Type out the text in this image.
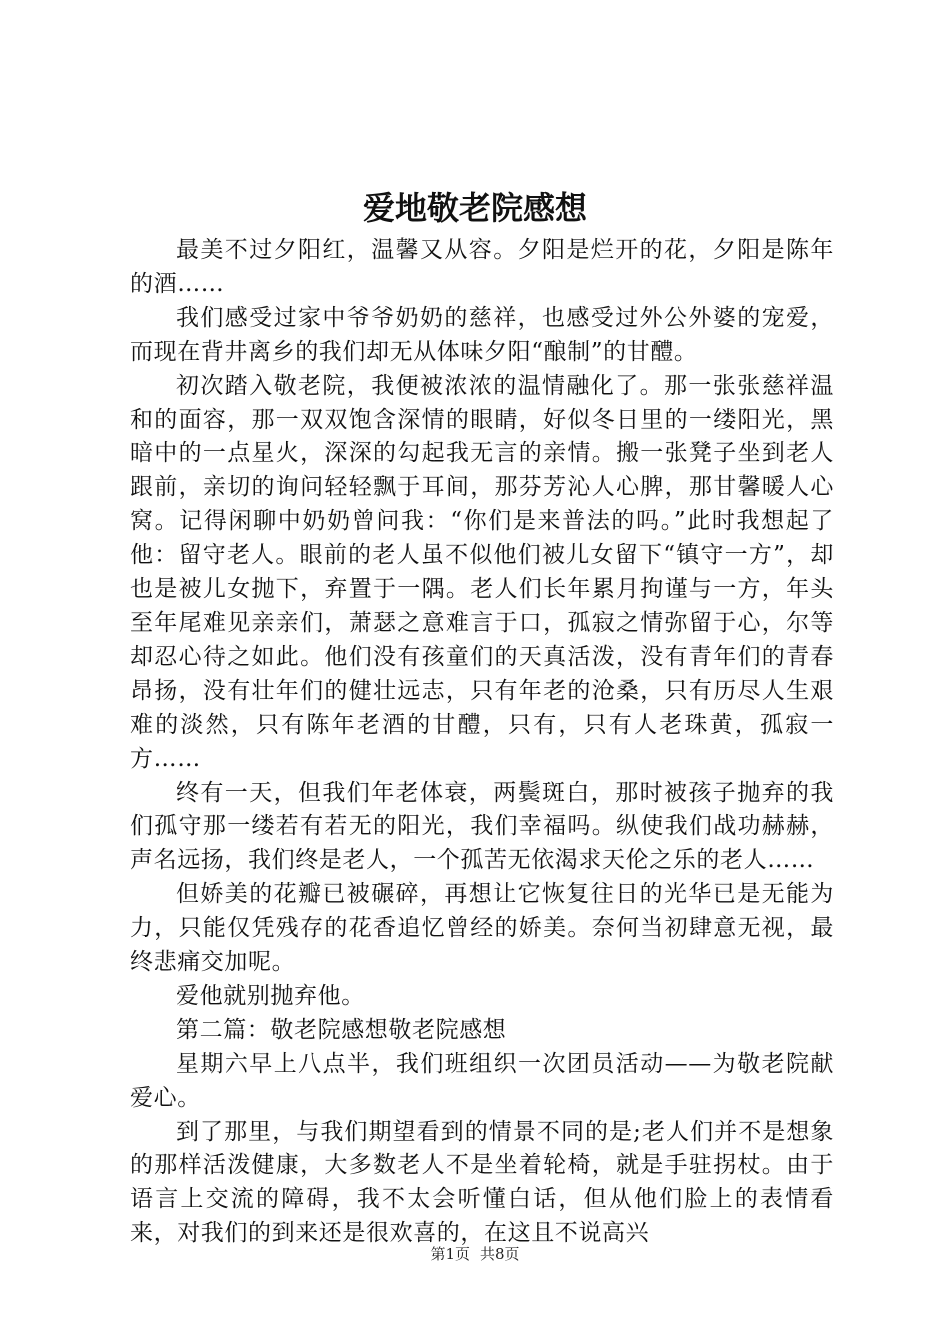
爱地敬老院感想

最美不过夕阳红，温馨又从容。夕阳是烂开的花，夕阳是陈年的酒……

我们感受过家中爷爷奶奶的慈祥，也感受过外公外婆的宠爱，而现在背井离乡的我们却无从体味夕阳“酿制”的甘醴。

初次踏入敬老院，我便被浓浓的温情融化了。那一张张慈祥温和的面容，那一双双饱含深情的眼睛，好似冬日里的一缕阳光，黑暗中的一点星火，深深的勾起我无言的亲情。搬一张凳子坐到老人跟前，亲切的询问轻轻飘于耳间，那芬芳沁人心脾，那甘馨暖人心窝。记得闲聊中奶奶曾问我：“你们是来普法的吗。”此时我想起了他：留守老人。眼前的老人虽不似他们被儿女留下“镇守一方”，却也是被儿女抛下，弃置于一隅。老人们长年累月拘谨与一方，年头至年尾难见亲亲们，萧瑟之意难言于口，孤寂之情弥留于心，尔等却忍心待之如此。他们没有孩童们的天真活泼，没有青年们的青春昂扬，没有壮年们的健壮远志，只有年老的沧桑，只有历尽人生艰难的淡然，只有陈年老酒的甘醴，只有，只有人老珠黄，孤寂一方……

终有一天，但我们年老体衰，两鬓斑白，那时被孩子抛弃的我们孤守那一缕若有若无的阳光，我们幸福吗。纵使我们战功赫赫，声名远扬，我们终是老人，一个孤苦无依渴求天伦之乐的老人……

但娇美的花瓣已被碾碎，再想让它恢复往日的光华已是无能为力，只能仅凭残存的花香追忆曾经的娇美。奈何当初肆意无视，最终悲痛交加呢。

爱他就别抛弃他。

第二篇：敬老院感想敬老院感想

星期六早上八点半，我们班组织一次团员活动——为敬老院献爱心。

到了那里，与我们期望看到的情景不同的是;老人们并不是想象的那样活泼健康，大多数老人不是坐着轮椅，就是手驻拐杖。由于语言上交流的障碍，我不太会听懂白话，但从他们脸上的表情看来，对我们的到来还是很欢喜的，在这且不说高兴

第1页 共8页
